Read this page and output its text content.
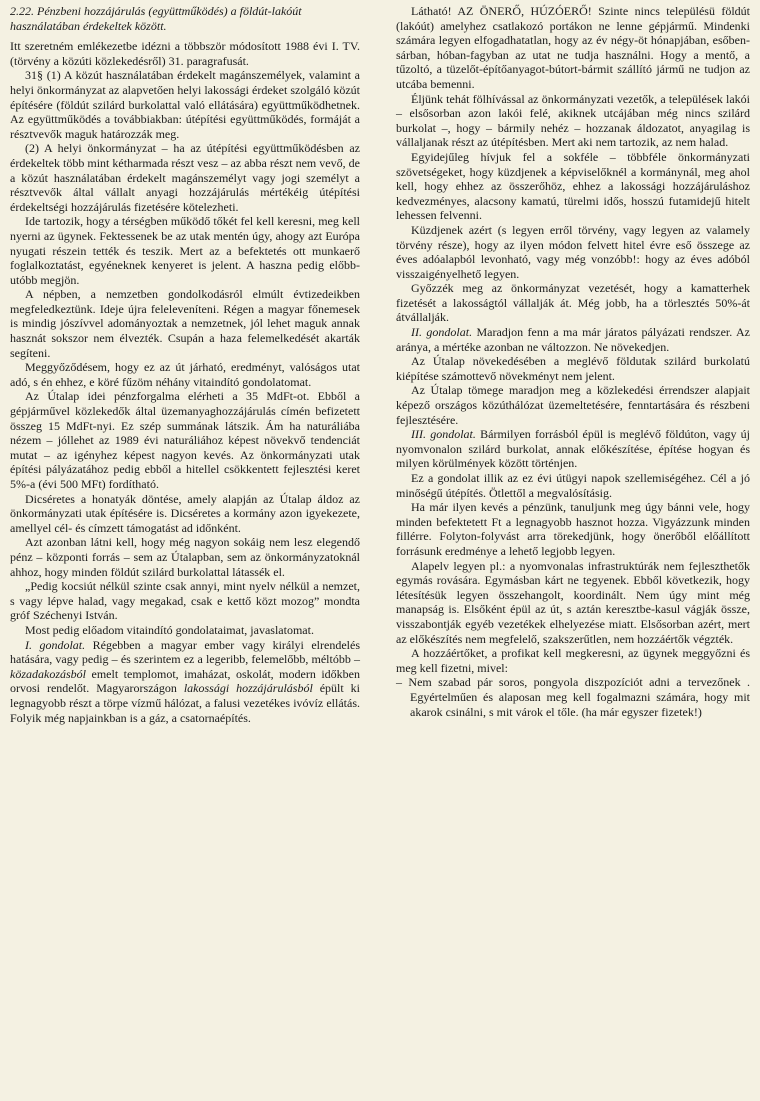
2.22. Pénzbeni hozzájárulás (együttműködés) a földút-lakóút használatában érdekeltek között.

Itt szeretném emlékezetbe idézni a többször módosított 1988 évi I. TV. (törvény a közúti közlekedésről) 31. paragrafusát.

31§ (1) A közút használatában érdekelt magánszemélyek, valamint a helyi önkormányzat az alapvetően helyi lakossági érdeket szolgáló közút építésére (földút szilárd burkolattal való ellátására) együttműködhetnek. Az együttműködés a továbbiakban: útépítési együttműködés, formáját a résztvevők maguk határozzák meg.

(2) A helyi önkormányzat – ha az útépítési együttműködésben az érdekeltek több mint kétharmada részt vesz – az abba részt nem vevő, de a közút használatában érdekelt magánszemélyt vagy jogi személyt a résztvevők által vállalt anyagi hozzájárulás mértékéig útépítési érdekeltségi hozzájárulás fizetésére kötelezheti.

Ide tartozik, hogy a térségben működő tőkét fel kell keresni, meg kell nyerni az ügynek. Fektessenek be az utak mentén úgy, ahogy azt Európa nyugati részein tették és teszik. Mert az a befektetés ott munkaerő foglalkoztatást, egyéneknek kenyeret is jelent. A haszna pedig előbb-utóbb megjön.

A népben, a nemzetben gondolkodásról elmúlt évtizedeikben megfeledkeztünk. Ideje újra feleleveníteni. Régen a magyar főnemesek is mindig jószívvel adományoztak a nemzetnek, jól lehet maguk annak hasznát sokszor nem élvezték. Csupán a haza felemelkedését akarták segíteni.

Meggyőződésem, hogy ez az út járható, eredményt, valóságos utat adó, s én ehhez, e köré fűzöm néhány vitaindító gondolatomat.

Az Útalap idei pénzforgalma elérheti a 35 MdFt-ot. Ebből a gépjárművel közlekedők által üzemanyaghozzájárulás címén befizetett összeg 15 MdFt-nyi. Ez szép summának látszik. Ám ha naturáliába nézem – jóllehet az 1989 évi naturáliához képest növekvő tendenciát mutat – az igényhez képest nagyon kevés. Az önkormányzati utak építési pályázatához pedig ebből a hitellel csökkentett fejlesztési keret 5%-a (évi 500 MFt) fordítható.

Dicséretes a honatyák döntése, amely alapján az Útalap áldoz az önkormányzati utak építésére is. Dicséretes a kormány azon igyekezete, amellyel cél- és címzett támogatást ad időnként.

Azt azonban látni kell, hogy még nagyon sokáig nem lesz elegendő pénz – központi forrás – sem az Útalapban, sem az önkormányzatoknál ahhoz, hogy minden földút szilárd burkolattal látassék el.

„Pedig kocsiút nélkül szinte csak annyi, mint nyelv nélkül a nemzet, s vagy lépve halad, vagy megakad, csak e kettő közt mozog” mondta gróf Széchenyi István.

Most pedig előadom vitaindító gondolataimat, javaslatomat.

I. gondolat. Régebben a magyar ember vagy királyi elrendelés hatására, vagy pedig – és szerintem ez a legeribb, felemelőbb, méltóbb – közadakozásból emelt templomot, imaházat, oskolát, modern időkben orvosi rendelőt. Magyarországon lakossági hozzájárulásból épült ki legnagyobb részt a törpe vízmű hálózat, a falusi vezetékes ivóvíz ellátás. Folyik még napjainkban is a gáz, a csatornaépítés.

Látható! AZ ÖNERŐ, HÚZÓERŐ! Szinte nincs településü földút (lakóút) amelyhez csatlakozó portákon ne lenne gépjármű. Mindenki számára legyen elfogadhatatlan, hogy az év négy-öt hónapjában, esőben-sárban, hóban-fagyban az utat ne tudja használni. Hogy a mentő, a tűzoltó, a tüzelőt-építőanyagot-bútort-bármit szállító jármű ne tudjon az utcába bemenni.

Éljünk tehát fölhívással az önkormányzati vezetők, a települések lakói – elsősorban azon lakói felé, akiknek utcájában még nincs szilárd burkolat –, hogy – bármily nehéz – hozzanak áldozatot, anyagilag is vállaljanak részt az útépítésben. Mert aki nem tartozik, az nem halad.

Egyidejűleg hívjuk fel a sokféle – többféle önkormányzati szövetségeket, hogy küzdjenek a képviselőknél a kormánynál, meg ahol kell, hogy ehhez az összerőhöz, ehhez a lakossági hozzájáruláshoz kedvezményes, alacsony kamatú, türelmi idős, hosszú futamidejű hitelt lehessen felvenni.

Küzdjenek azért (s legyen erről törvény, vagy legyen az valamely törvény része), hogy az ilyen módon felvett hitel évre eső összege az éves adóalapból levonható, vagy még vonzóbb!: hogy az éves adóból visszaigényelhető legyen.

Győzzék meg az önkormányzat vezetését, hogy a kamatterhek fizetését a lakosságtól vállalják át. Még jobb, ha a törlesztés 50%-át átvállalják.

II. gondolat. Maradjon fenn a ma már járatos pályázati rendszer. Az aránya, a mértéke azonban ne változzon. Ne növekedjen.

Az Útalap növekedésében a meglévő földutak szilárd burkolatú kiépítése számottevő növekményt nem jelent.

Az Útalap tömege maradjon meg a közlekedési érrendszer alapjait képező országos közúthálózat üzemeltetésére, fenntartására és részbeni fejlesztésére.

III. gondolat. Bármilyen forrásból épül is meglévő földúton, vagy új nyomvonalon szilárd burkolat, annak előkészítése, építése hogyan és milyen körülmények között történjen.

Ez a gondolat illik az ez évi útügyi napok szellemiségéhez. Cél a jó minőségű útépítés. Ötlettől a megvalósításig.

Ha már ilyen kevés a pénzünk, tanuljunk meg úgy bánni vele, hogy minden befektetett Ft a legnagyobb hasznot hozza. Vigyázzunk minden fillérre. Folyton-folyvást arra törekedjünk, hogy önerőből előállított forrásunk eredménye a lehető legjobb legyen.

Alapelv legyen pl.: a nyomvonalas infrastruktúrák nem fejleszthetők egymás rovására. Egymásban kárt ne tegyenek. Ebből következik, hogy létesítésük legyen összehangolt, koordinált. Nem úgy mint még manapság is. Elsőként épül az út, s aztán keresztbe-kasul vágják össze, visszabontják egyéb vezetékek elhelyezése miatt. Elsősorban azért, mert az előkészítés nem megfelelő, szakszerűtlen, nem hozzáértők végzték.

A hozzáértőket, a profikat kell megkeresni, az ügynek meggyőzni és meg kell fizetni, mivel:

– Nem szabad pár soros, pongyola diszpozíciót adni a tervezőnek . Egyértelműen és alaposan meg kell fogalmazni számára, hogy mit akarok csinálni, s mit várok el tőle. (ha már egyszer fizetek!)
